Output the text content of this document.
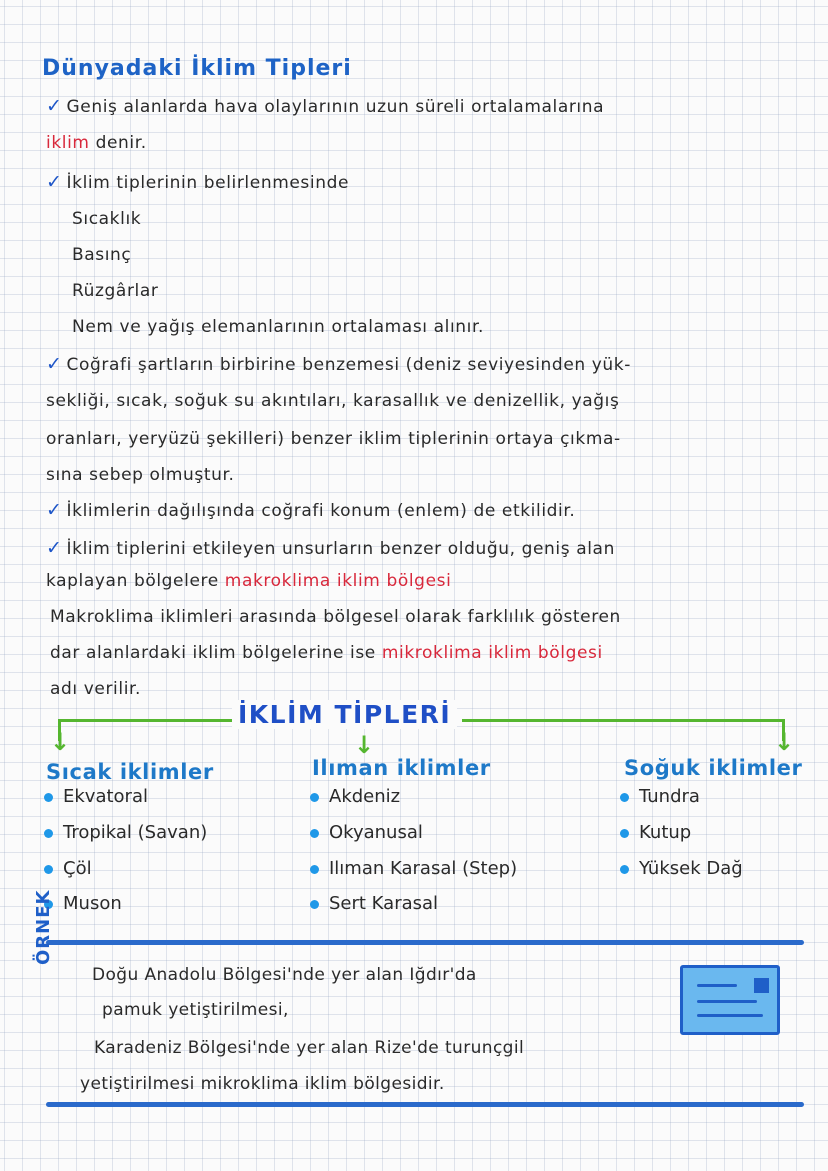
Dünyadaki İklim Tipleri
✓ Geniş alanlarda hava olaylarının uzun süreli ortalamalarına
iklim denir.
✓ İklim tiplerinin belirlenmesinde
Sıcaklık
Basınç
Rüzgârlar
Nem ve yağış elemanlarının ortalaması alınır.
✓ Coğrafi şartların birbirine benzemesi (deniz seviyesinden yük-
sekliği, sıcak, soğuk su akıntıları, karasallık ve denizellik, yağış
oranları, yeryüzü şekilleri) benzer iklim tiplerinin ortaya çıkma-
sına sebep olmuştur.
✓ İklimlerin dağılışında coğrafi konum (enlem) de etkilidir.
✓ İklim tiplerini etkileyen unsurların benzer olduğu, geniş alan
kaplayan bölgelere makroklima iklim bölgesi
Makroklima iklimleri arasında bölgesel olarak farklılık gösteren
dar alanlardaki iklim bölgelerine ise mikroklima iklim bölgesi
adı verilir.
↓	↓	↓
İKLİM TİPLERİ
Sıcak iklimler	Ilıman iklimler	Soğuk iklimler
Ekvatoral
Tropikal (Savan)
Çöl
Muson
Akdeniz
Okyanusal
Ilıman Karasal (Step)
Sert Karasal
Tundra
Kutup
Yüksek Dağ
ÖRNEK
Doğu Anadolu Bölgesi'nde yer alan Iğdır'da
pamuk yetiştirilmesi,
Karadeniz Bölgesi'nde yer alan Rize'de turunçgil
yetiştirilmesi mikroklima iklim bölgesidir.
